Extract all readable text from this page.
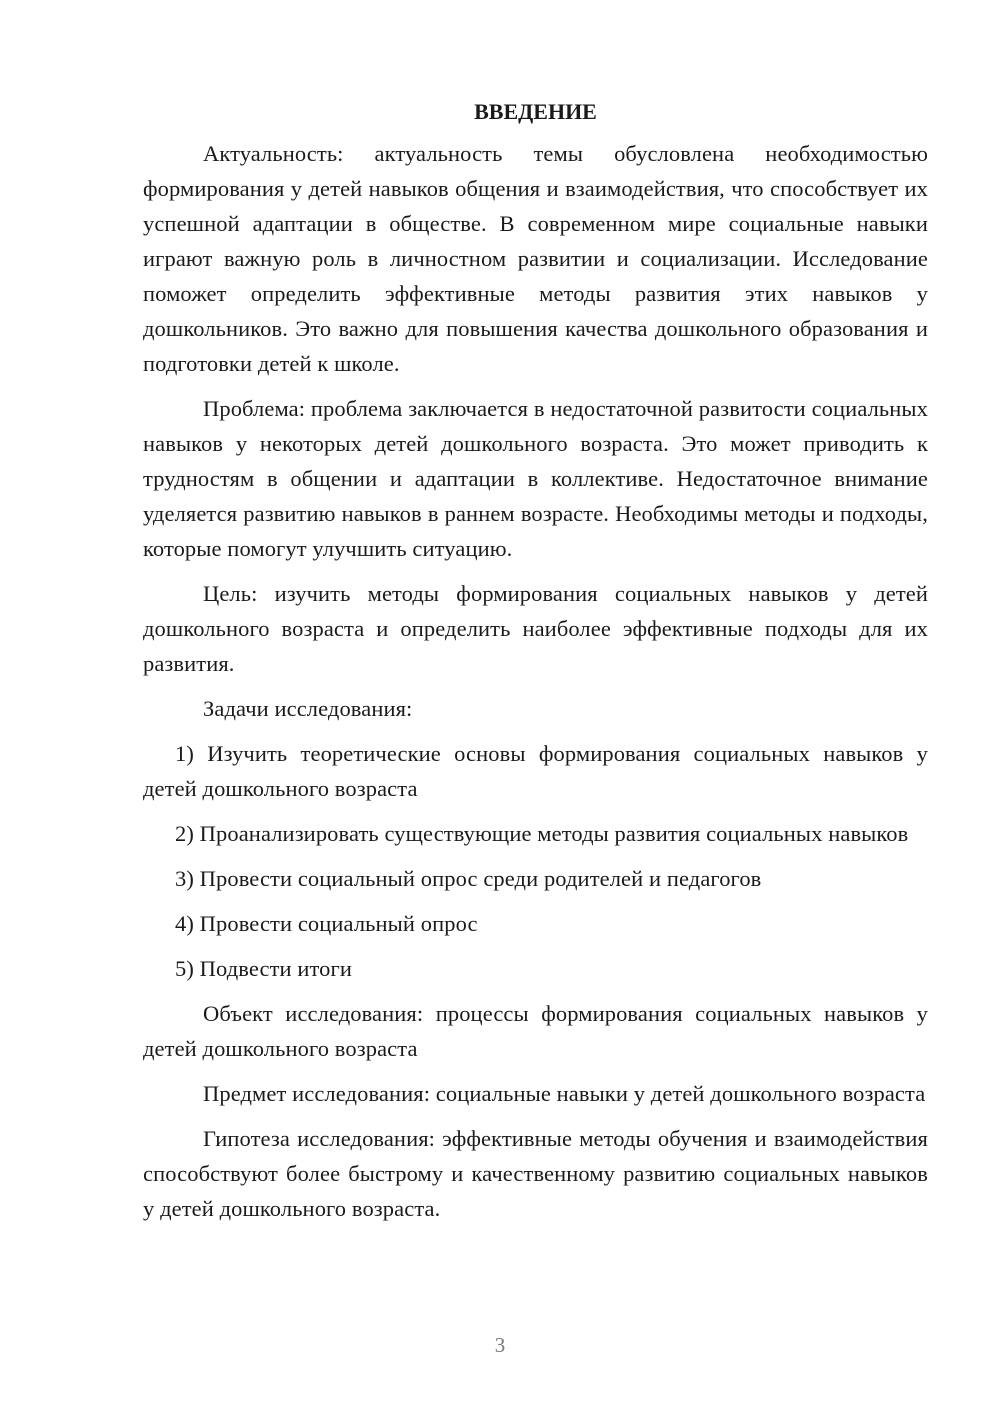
ВВЕДЕНИЕ

Актуальность: актуальность темы обусловлена необходимостью формирования у детей навыков общения и взаимодействия, что способствует их успешной адаптации в обществе. В современном мире социальные навыки играют важную роль в личностном развитии и социализации. Исследование поможет определить эффективные методы развития этих навыков у дошкольников. Это важно для повышения качества дошкольного образования и подготовки детей к школе.

Проблема: проблема заключается в недостаточной развитости социальных навыков у некоторых детей дошкольного возраста. Это может приводить к трудностям в общении и адаптации в коллективе. Недостаточное внимание уделяется развитию навыков в раннем возрасте. Необходимы методы и подходы, которые помогут улучшить ситуацию.

Цель: изучить методы формирования социальных навыков у детей дошкольного возраста и определить наиболее эффективные подходы для их развития.

Задачи исследования:

1) Изучить теоретические основы формирования социальных навыков у детей дошкольного возраста

2) Проанализировать существующие методы развития социальных навыков

3) Провести социальный опрос среди родителей и педагогов

4) Провести социальный опрос

5) Подвести итоги

Объект исследования: процессы формирования социальных навыков у детей дошкольного возраста

Предмет исследования: социальные навыки у детей дошкольного возраста

Гипотеза исследования: эффективные методы обучения и взаимодействия способствуют более быстрому и качественному развитию социальных навыков у детей дошкольного возраста.

3
